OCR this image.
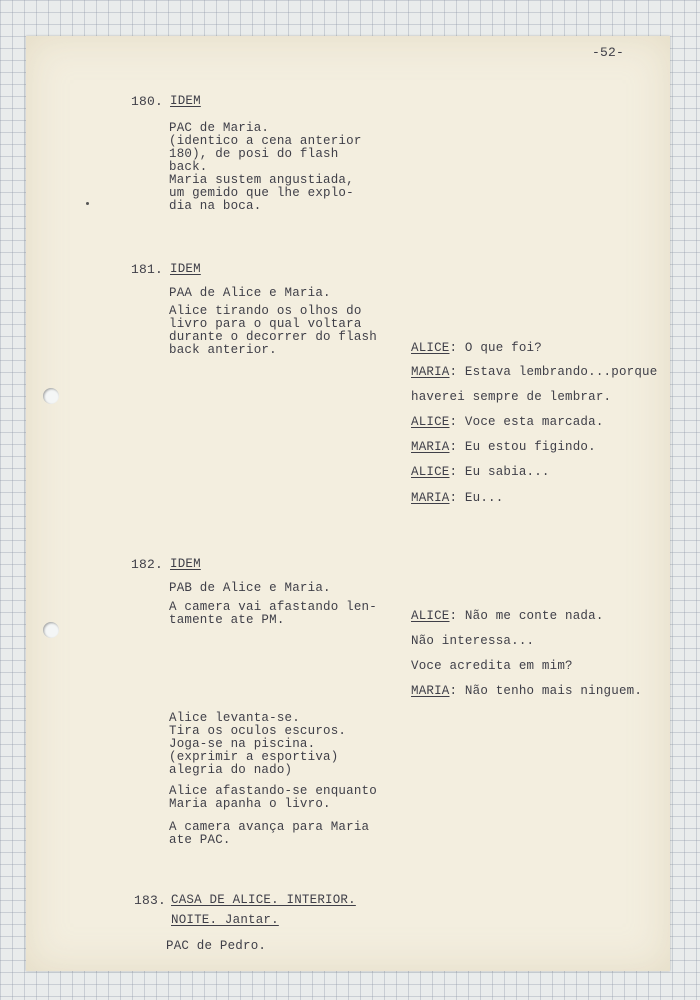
-52-
180. IDEM
PAC de Maria.
(identico a cena anterior
180), de posi do flash
back.
Maria sustem angustiada,
um gemido que lhe explo-
dia na boca.
181. IDEM
PAA de Alice e Maria.
Alice tirando os olhos do
livro para o qual voltara
durante o decorrer do flash
back anterior.	ALICE: O que foi?
MARIA: Estava lembrando...porque
haverei sempre de lembrar.
ALICE: Voce esta marcada.
MARIA: Eu estou figindo.
ALICE: Eu sabia...
MARIA: Eu...
182. IDEM
PAB de Alice e Maria.
A camera vai afastando len-
tamente ate PM.
Alice levanta-se.
Tira os oculos escuros.
Joga-se na piscina.
(exprimir a esportiva)
alegria do nado)
Alice afastando-se enquanto
Maria apanha o livro.
A camera avança para Maria
ate PAC.
ALICE: Não me conte nada.
Não interessa...
Voce acredita em mim?
MARIA: Não tenho mais ninguem.
183. CASA DE ALICE. INTERIOR.
NOITE. Jantar.
PAC de Pedro.
